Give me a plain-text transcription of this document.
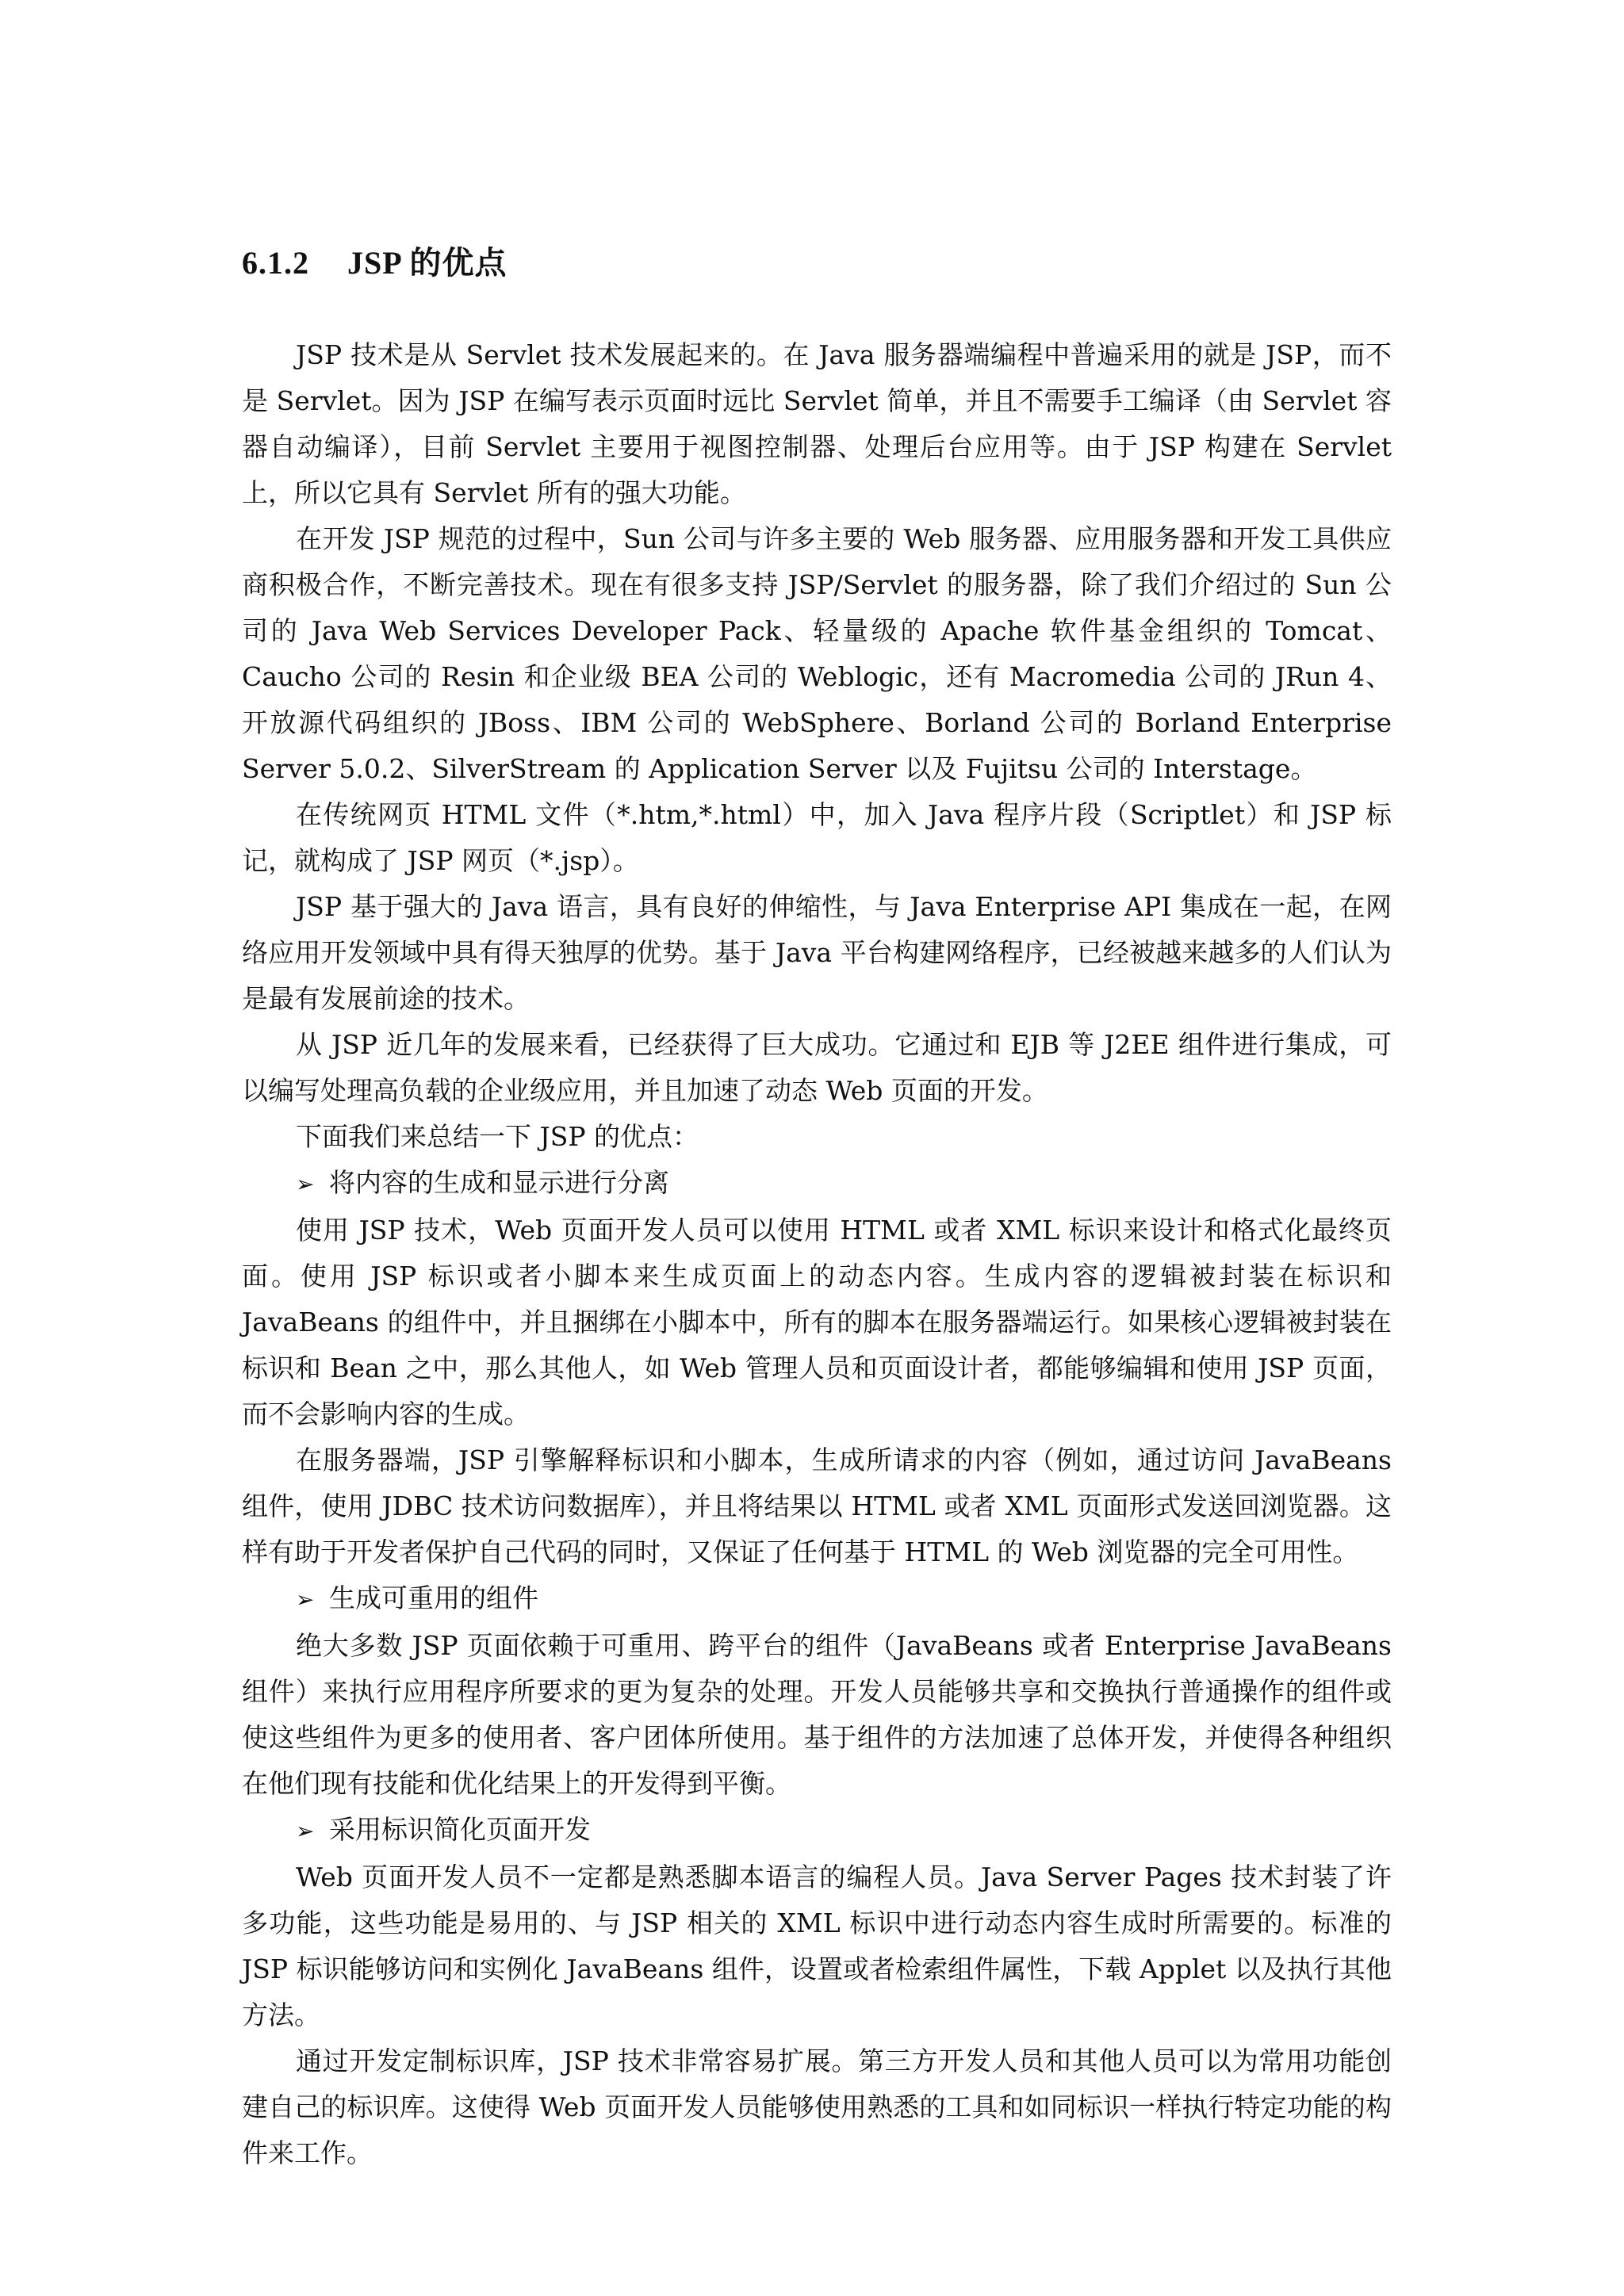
6.1.2 JSP 的优点

JSP 技术是从 Servlet 技术发展起来的。在 Java 服务器端编程中普遍采用的就是 JSP，而不是 Servlet。因为 JSP 在编写表示页面时远比 Servlet 简单，并且不需要手工编译（由 Servlet 容器自动编译），目前 Servlet 主要用于视图控制器、处理后台应用等。由于 JSP 构建在 Servlet 上，所以它具有 Servlet 所有的强大功能。

在开发 JSP 规范的过程中，Sun 公司与许多主要的 Web 服务器、应用服务器和开发工具供应商积极合作，不断完善技术。现在有很多支持 JSP/Servlet 的服务器，除了我们介绍过的 Sun 公司的 Java Web Services Developer Pack、轻量级的 Apache 软件基金组织的 Tomcat、Caucho 公司的 Resin 和企业级 BEA 公司的 Weblogic，还有 Macromedia 公司的 JRun 4、开放源代码组织的 JBoss、IBM 公司的 WebSphere、Borland 公司的 Borland Enterprise Server 5.0.2、SilverStream 的 Application Server 以及 Fujitsu 公司的 Interstage。

在传统网页 HTML 文件（*.htm,*.html）中，加入 Java 程序片段（Scriptlet）和 JSP 标记，就构成了 JSP 网页（*.jsp）。

JSP 基于强大的 Java 语言，具有良好的伸缩性，与 Java Enterprise API 集成在一起，在网络应用开发领域中具有得天独厚的优势。基于 Java 平台构建网络程序，已经被越来越多的人们认为是最有发展前途的技术。

从 JSP 近几年的发展来看，已经获得了巨大成功。它通过和 EJB 等 J2EE 组件进行集成，可以编写处理高负载的企业级应用，并且加速了动态 Web 页面的开发。

下面我们来总结一下 JSP 的优点：

➢ 将内容的生成和显示进行分离

使用 JSP 技术，Web 页面开发人员可以使用 HTML 或者 XML 标识来设计和格式化最终页面。使用 JSP 标识或者小脚本来生成页面上的动态内容。生成内容的逻辑被封装在标识和 JavaBeans 的组件中，并且捆绑在小脚本中，所有的脚本在服务器端运行。如果核心逻辑被封装在标识和 Bean 之中，那么其他人，如 Web 管理人员和页面设计者，都能够编辑和使用 JSP 页面，而不会影响内容的生成。

在服务器端，JSP 引擎解释标识和小脚本，生成所请求的内容（例如，通过访问 JavaBeans 组件，使用 JDBC 技术访问数据库），并且将结果以 HTML 或者 XML 页面形式发送回浏览器。这样有助于开发者保护自己代码的同时，又保证了任何基于 HTML 的 Web 浏览器的完全可用性。

➢ 生成可重用的组件

绝大多数 JSP 页面依赖于可重用、跨平台的组件（JavaBeans 或者 Enterprise JavaBeans 组件）来执行应用程序所要求的更为复杂的处理。开发人员能够共享和交换执行普通操作的组件或使这些组件为更多的使用者、客户团体所使用。基于组件的方法加速了总体开发，并使得各种组织在他们现有技能和优化结果上的开发得到平衡。

➢ 采用标识简化页面开发

Web 页面开发人员不一定都是熟悉脚本语言的编程人员。Java Server Pages 技术封装了许多功能，这些功能是易用的、与 JSP 相关的 XML 标识中进行动态内容生成时所需要的。标准的 JSP 标识能够访问和实例化 JavaBeans 组件，设置或者检索组件属性，下载 Applet 以及执行其他方法。

通过开发定制标识库，JSP 技术非常容易扩展。第三方开发人员和其他人员可以为常用功能创建自己的标识库。这使得 Web 页面开发人员能够使用熟悉的工具和如同标识一样执行特定功能的构件来工作。
